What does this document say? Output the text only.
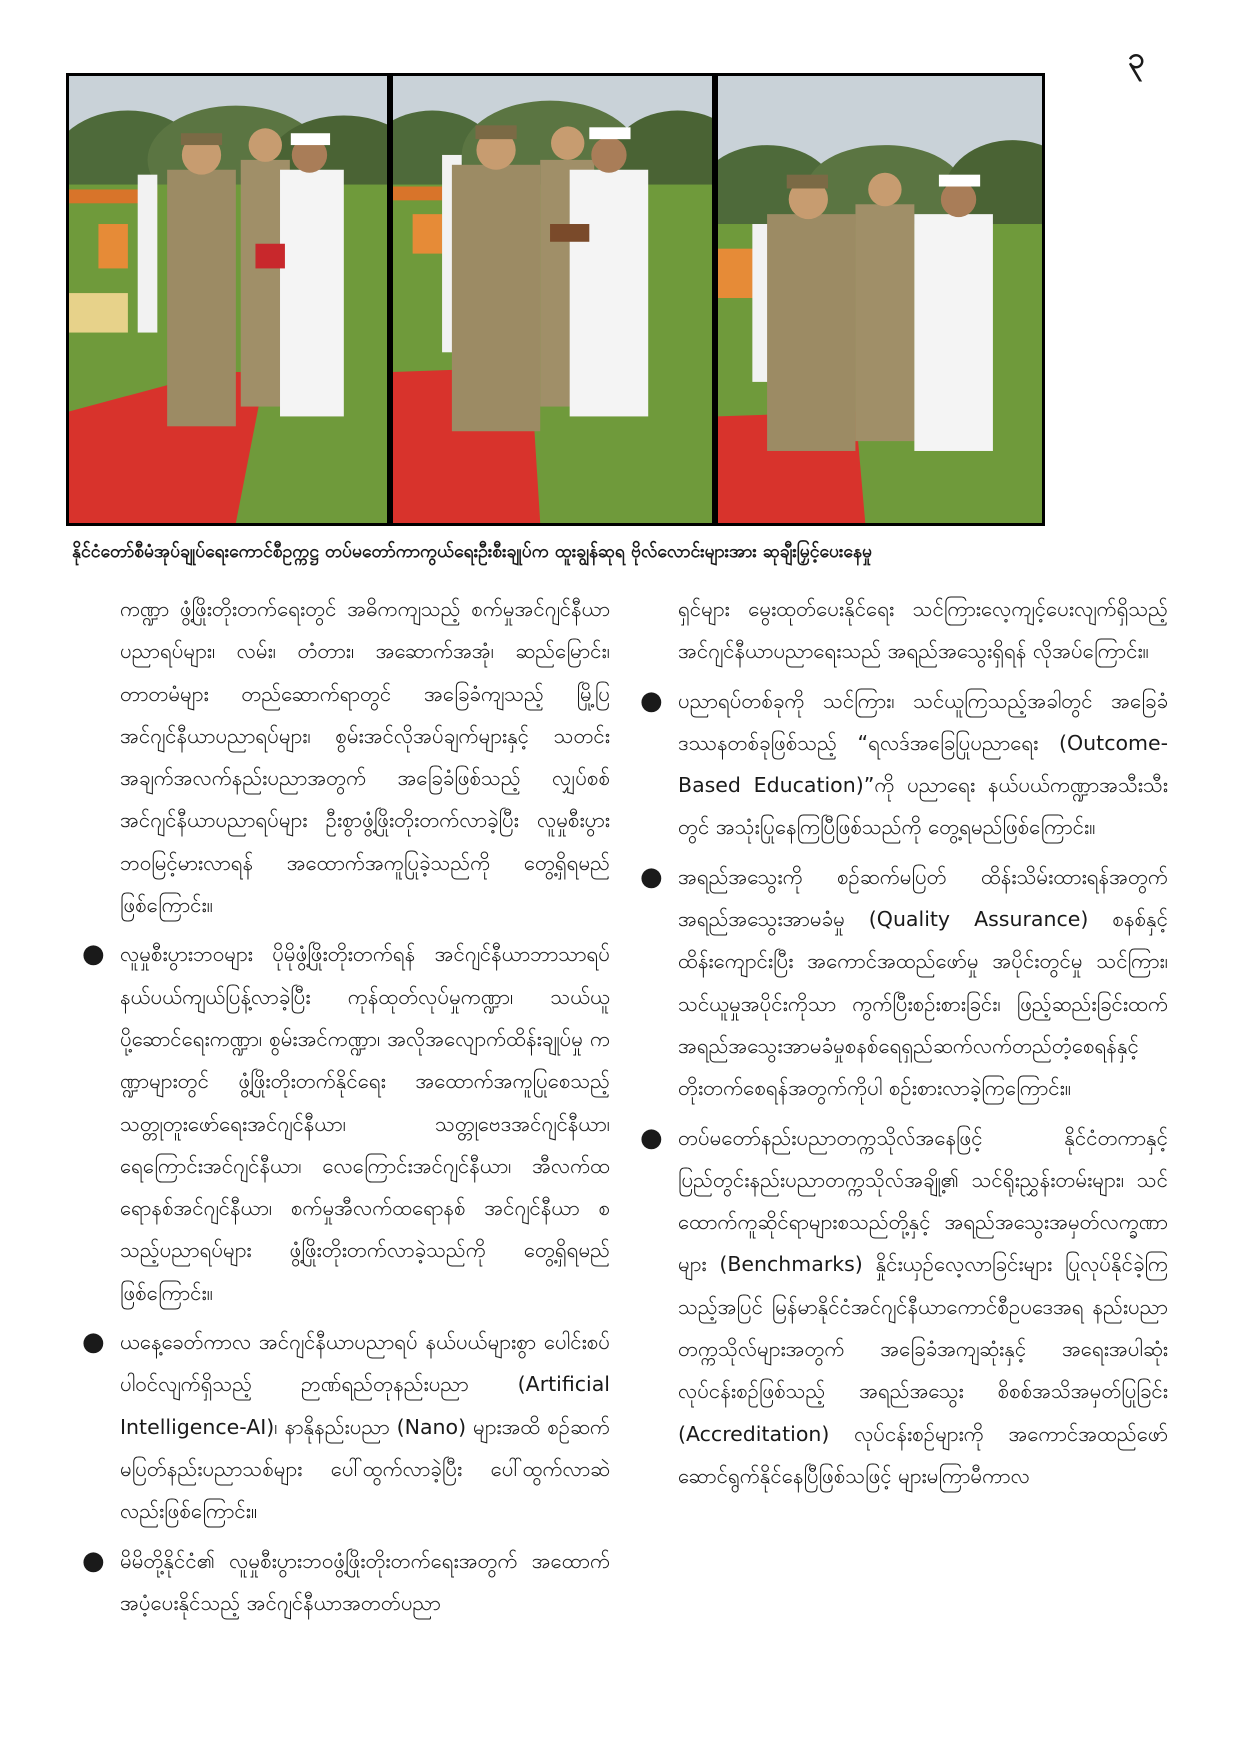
၃
နိုင်ငံတော်စီမံအုပ်ချုပ်ရေးကောင်စီဥက္ကဋ္ဌ တပ်မတော်ကာကွယ်ရေးဦးစီးချုပ်က ထူးချွန်ဆုရ ဗိုလ်လောင်းများအား ဆုချီးမြှင့်ပေးနေမှု

ကဏ္ဍာ ဖွံ့ဖြိုးတိုးတက်ရေးတွင် အဓိကကျသည့် စက်မှုအင်ဂျင်နီယာပညာရပ်များ၊ လမ်း၊ တံတား၊ အဆောက်အအုံ၊ ဆည်မြောင်း၊ တာတမံများ တည်ဆောက်ရာတွင် အခြေခံကျသည့် မြို့ပြအင်ဂျင်နီယာပညာရပ်များ၊ စွမ်းအင်လိုအပ်ချက်များနှင့် သတင်းအချက်အလက်နည်းပညာအတွက် အခြေခံဖြစ်သည့် လျှပ်စစ်အင်ဂျင်နီယာပညာရပ်များ ဦးစွာဖွံ့ဖြိုးတိုးတက်လာခဲ့ပြီး လူမှုစီးပွားဘဝမြင့်မားလာရန် အထောက်အကူပြုခဲ့သည်ကို တွေ့ရှိရမည်ဖြစ်ကြောင်း။

● လူမှုစီးပွားဘဝများ ပိုမိုဖွံ့ဖြိုးတိုးတက်ရန် အင်ဂျင်နီယာဘာသာရပ် နယ်ပယ်ကျယ်ပြန့်လာခဲ့ပြီး ကုန်ထုတ်လုပ်မှုကဏ္ဍာ၊ သယ်ယူပို့ဆောင်ရေးကဏ္ဍာ၊ စွမ်းအင်ကဏ္ဍာ၊ အလိုအလျောက်ထိန်းချုပ်မှု ကဏ္ဍာများတွင် ဖွံ့ဖြိုးတိုးတက်နိုင်ရေး အထောက်အကူပြုစေသည့် သတ္တုတူးဖော်ရေးအင်ဂျင်နီယာ၊ သတ္တုဗေဒအင်ဂျင်နီယာ၊ ရေကြောင်းအင်ဂျင်နီယာ၊ လေကြောင်းအင်ဂျင်နီယာ၊ အီလက်ထရောနစ်အင်ဂျင်နီယာ၊ စက်မှုအီလက်ထရောနစ် အင်ဂျင်နီယာ စသည့်ပညာရပ်များ ဖွံ့ဖြိုးတိုးတက်လာခဲ့သည်ကို တွေ့ရှိရမည်ဖြစ်ကြောင်း။

● ယနေ့ခေတ်ကာလ အင်ဂျင်နီယာပညာရပ် နယ်ပယ်များစွာ ပေါင်းစပ်ပါဝင်လျက်ရှိသည့် ဉာဏ်ရည်တုနည်းပညာ (Artificial Intelligence-AI)၊ နာနိုနည်းပညာ (Nano) များအထိ စဉ်ဆက်မပြတ်နည်းပညာသစ်များ ပေါ်ထွက်လာခဲ့ပြီး ပေါ်ထွက်လာဆဲလည်းဖြစ်ကြောင်း။

● မိမိတို့နိုင်ငံ၏ လူမှုစီးပွားဘဝဖွံ့ဖြိုးတိုးတက်ရေးအတွက် အထောက်အပံ့ပေးနိုင်သည့် အင်ဂျင်နီယာအတတ်ပညာ

ရှင်များ မွေးထုတ်ပေးနိုင်ရေး သင်ကြားလေ့ကျင့်ပေးလျက်ရှိသည့် အင်ဂျင်နီယာပညာရေးသည် အရည်အသွေးရှိရန် လိုအပ်ကြောင်း။

● ပညာရပ်တစ်ခုကို သင်ကြား၊ သင်ယူကြသည့်အခါတွင် အခြေခံဒဿနတစ်ခုဖြစ်သည့် “ရလဒ်အခြေပြုပညာရေး (Outcome-Based Education)”ကို ပညာရေး နယ်ပယ်ကဏ္ဍာအသီးသီးတွင် အသုံးပြုနေကြပြီဖြစ်သည်ကို တွေ့ရမည်ဖြစ်ကြောင်း။

● အရည်အသွေးကို စဉ်ဆက်မပြတ် ထိန်းသိမ်းထားရန်အတွက် အရည်အသွေးအာမခံမှု (Quality Assurance) စနစ်နှင့် ထိန်းကျောင်းပြီး အကောင်အထည်ဖော်မှု အပိုင်းတွင်မှု သင်ကြား၊ သင်ယူမှုအပိုင်းကိုသာ ကွက်ပြီးစဉ်းစားခြင်း၊ ဖြည့်ဆည်းခြင်းထက် အရည်အသွေးအာမခံမှုစနစ်ရေရှည်ဆက်လက်တည်တံ့စေရန်နှင့် တိုးတက်စေရန်အတွက်ကိုပါ စဉ်းစားလာခဲ့ကြကြောင်း။

● တပ်မတော်နည်းပညာတက္ကသိုလ်အနေဖြင့် နိုင်ငံတကာနှင့် ပြည်တွင်းနည်းပညာတက္ကသိုလ်အချို့၏ သင်ရိုးညွှန်းတမ်းများ၊ သင်ထောက်ကူဆိုင်ရာများစသည်တို့နှင့် အရည်အသွေးအမှတ်လက္ခဏာများ (Benchmarks) နှိုင်းယှဉ်လေ့လာခြင်းများ ပြုလုပ်နိုင်ခဲ့ကြသည့်အပြင် မြန်မာနိုင်ငံအင်ဂျင်နီယာကောင်စီဥပဒေအရ နည်းပညာတက္ကသိုလ်များအတွက် အခြေခံအကျဆုံးနှင့် အရေးအပါဆုံးလုပ်ငန်းစဉ်ဖြစ်သည့် အရည်အသွေး စိစစ်အသိအမှတ်ပြုခြင်း (Accreditation) လုပ်ငန်းစဉ်များကို အကောင်အထည်ဖော် ဆောင်ရွက်နိုင်နေပြီဖြစ်သဖြင့် များမကြာမီကာလ
